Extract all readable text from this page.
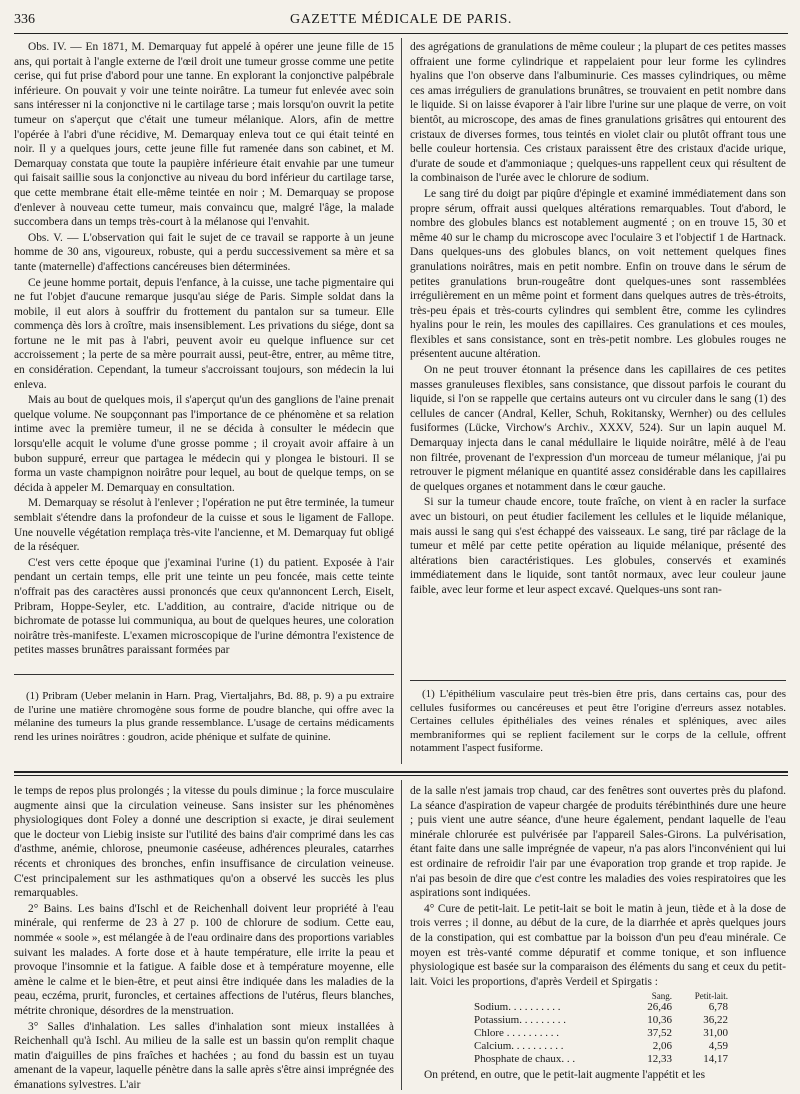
336	GAZETTE MÉDICALE DE PARIS.

Obs. IV. — En 1871, M. Demarquay fut appelé à opérer une jeune fille de 15 ans, qui portait à l'angle externe de l'œil droit une tumeur grosse comme une petite cerise, qui fut prise d'abord pour une tanne. En explorant la conjonctive palpébrale inférieure. On pouvait y voir une teinte noirâtre. La tumeur fut enlevée avec soin sans intéresser ni la conjonctive ni le cartilage tarse ; mais lorsqu'on ouvrit la petite tumeur on s'aperçut que c'était une tumeur mélanique. Alors, afin de mettre l'opérée à l'abri d'une récidive, M. Demarquay enleva tout ce qui était teinté en noir. Il y a quelques jours, cette jeune fille fut ramenée dans son cabinet, et M. Demarquay constata que toute la paupière inférieure était envahie par une tumeur qui faisait saillie sous la conjonctive au niveau du bord inférieur du cartilage tarse, que cette membrane était elle-même teintée en noir ; M. Demarquay se propose d'enlever à nouveau cette tumeur, mais convaincu que, malgré l'âge, la malade succombera dans un temps très-court à la mélanose qui l'envahit.

Obs. V. — L'observation qui fait le sujet de ce travail se rapporte à un jeune homme de 30 ans, vigoureux, robuste, qui a perdu successivement sa mère et sa tante (maternelle) d'affections cancéreuses bien déterminées.

Ce jeune homme portait, depuis l'enfance, à la cuisse, une tache pigmentaire qui ne fut l'objet d'aucune remarque jusqu'au siége de Paris. Simple soldat dans la mobile, il eut alors à souffrir du frottement du pantalon sur sa tumeur. Elle commença dès lors à croître, mais insensiblement. Les privations du siége, dont sa fortune ne le mit pas à l'abri, peuvent avoir eu quelque influence sur cet accroissement ; la perte de sa mère pourrait aussi, peut-être, entrer, au même titre, en considération. Cependant, la tumeur s'accroissant toujours, son médecin la lui enleva.

Mais au bout de quelques mois, il s'aperçut qu'un des ganglions de l'aine prenait quelque volume. Ne soupçonnant pas l'importance de ce phénomène et sa relation intime avec la première tumeur, il ne se décida à consulter le médecin que lorsqu'elle acquit le volume d'une grosse pomme ; il croyait avoir affaire à un bubon suppuré, erreur que partagea le médecin qui y plongea le bistouri. Il se forma un vaste champignon noirâtre pour lequel, au bout de quelque temps, on se décida à appeler M. Demarquay en consultation.

M. Demarquay se résolut à l'enlever ; l'opération ne put être terminée, la tumeur semblait s'étendre dans la profondeur de la cuisse et sous le ligament de Fallope. Une nouvelle végétation remplaça très-vite l'ancienne, et M. Demarquay fut obligé de la réséquer.

C'est vers cette époque que j'examinai l'urine (1) du patient. Exposée à l'air pendant un certain temps, elle prit une teinte un peu foncée, mais cette teinte n'offrait pas des caractères aussi prononcés que ceux qu'annoncent Lerch, Eiselt, Pribram, Hoppe-Seyler, etc. L'addition, au contraire, d'acide nitrique ou de bichromate de potasse lui communiqua, au bout de quelques heures, une coloration noirâtre très-manifeste. L'examen microscopique de l'urine démontra l'existence de petites masses brunâtres paraissant formées par

des agrégations de granulations de même couleur ; la plupart de ces petites masses offraient une forme cylindrique et rappelaient pour leur forme les cylindres hyalins que l'on observe dans l'albuminurie. Ces masses cylindriques, ou même ces amas irréguliers de granulations brunâtres, se trouvaient en petit nombre dans le liquide. Si on laisse évaporer à l'air libre l'urine sur une plaque de verre, on voit bientôt, au microscope, des amas de fines granulations grisâtres qui entourent des cristaux de diverses formes, tous teintés en violet clair ou plutôt offrant tous une belle couleur hortensia. Ces cristaux paraissent être des cristaux d'acide urique, d'urate de soude et d'ammoniaque ; quelques-uns rappellent ceux qui résultent de la combinaison de l'urée avec le chlorure de sodium.

Le sang tiré du doigt par piqûre d'épingle et examiné immédiatement dans son propre sérum, offrait aussi quelques altérations remarquables. Tout d'abord, le nombre des globules blancs est notablement augmenté ; on en trouve 15, 30 et même 40 sur le champ du microscope avec l'oculaire 3 et l'objectif 1 de Hartnack. Dans quelques-uns des globules blancs, on voit nettement quelques fines granulations noirâtres, mais en petit nombre. Enfin on trouve dans le sérum de petites granulations brun-rougeâtre dont quelques-unes sont rassemblées irrégulièrement en un même point et forment dans quelques autres de très-étroits, très-peu épais et très-courts cylindres qui semblent être, comme les cylindres hyalins pour le rein, les moules des capillaires. Ces granulations et ces moules, flexibles et sans consistance, sont en très-petit nombre. Les globules rouges ne présentent aucune altération.

On ne peut trouver étonnant la présence dans les capillaires de ces petites masses granuleuses flexibles, sans consistance, que dissout parfois le courant du liquide, si l'on se rappelle que certains auteurs ont vu circuler dans le sang (1) des cellules de cancer (Andral, Keller, Schuh, Rokitansky, Wernher) ou des cellules fusiformes (Lücke, Virchow's Archiv., XXXV, 524). Sur un lapin auquel M. Demarquay injecta dans le canal médullaire le liquide noirâtre, mêlé à de l'eau non filtrée, provenant de l'expression d'un morceau de tumeur mélanique, j'ai pu retrouver le pigment mélanique en quantité assez considérable dans les capillaires de quelques organes et notamment dans le cœur gauche.

Si sur la tumeur chaude encore, toute fraîche, on vient à en racler la surface avec un bistouri, on peut étudier facilement les cellules et le liquide mélanique, mais aussi le sang qui s'est échappé des vaisseaux. Le sang, tiré par râclage de la tumeur et mêlé par cette petite opération au liquide mélanique, présenté des altérations bien caractéristiques. Les globules, conservés et examinés immédiatement dans le liquide, sont tantôt normaux, avec leur couleur jaune faible, avec leur forme et leur aspect excavé. Quelques-uns sont ran-

(1) Pribram (Ueber melanin in Harn. Prag, Viertaljahrs, Bd. 88, p. 9) a pu extraire de l'urine une matière chromogène sous forme de poudre blanche, qui offre avec la mélanine des tumeurs la plus grande ressemblance. L'usage de certains médicaments rend les urines noirâtres : goudron, acide phénique et sulfate de quinine.

(1) L'épithélium vasculaire peut très-bien être pris, dans certains cas, pour des cellules fusiformes ou cancéreuses et peut être l'origine d'erreurs assez notables. Certaines cellules épithéliales des veines rénales et spléniques, avec ailes membraniformes qui se replient facilement sur le corps de la cellule, offrent notamment l'aspect fusiforme.

le temps de repos plus prolongés ; la vitesse du pouls diminue ; la force musculaire augmente ainsi que la circulation veineuse. Sans insister sur les phénomènes physiologiques dont Foley a donné une description si exacte, je dirai seulement que le docteur von Liebig insiste sur l'utilité des bains d'air comprimé dans les cas d'asthme, anémie, chlorose, pneumonie caséeuse, adhérences pleurales, catarrhes récents et chroniques des bronches, enfin insuffisance de circulation veineuse. C'est principalement sur les asthmatiques qu'on a observé les succès les plus remarquables.

2° Bains. Les bains d'Ischl et de Reichenhall doivent leur propriété à l'eau minérale, qui renferme de 23 à 27 p. 100 de chlorure de sodium. Cette eau, nommée « soole », est mélangée à de l'eau ordinaire dans des proportions variables suivant les malades. A forte dose et à haute température, elle irrite la peau et provoque l'insomnie et la fatigue. A faible dose et à température moyenne, elle amène le calme et le bien-être, et peut ainsi être indiquée dans les maladies de la peau, eczéma, prurit, furoncles, et certaines affections de l'utérus, fleurs blanches, métrite chronique, désordres de la menstruation.

3° Salles d'inhalation. Les salles d'inhalation sont mieux installées à Reichenhall qu'à Ischl. Au milieu de la salle est un bassin qu'on remplit chaque matin d'aiguilles de pins fraîches et hachées ; au fond du bassin est un tuyau amenant de la vapeur, laquelle pénètre dans la salle après s'être ainsi imprégnée des émanations sylvestres. L'air

de la salle n'est jamais trop chaud, car des fenêtres sont ouvertes près du plafond. La séance d'aspiration de vapeur chargée de produits térébinthinés dure une heure ; puis vient une autre séance, d'une heure également, pendant laquelle de l'eau minérale chlorurée est pulvérisée par l'appareil Sales-Girons. La pulvérisation, étant faite dans une salle imprégnée de vapeur, n'a pas alors l'inconvénient qui lui est ordinaire de refroidir l'air par une évaporation trop grande et trop rapide. Je n'ai pas besoin de dire que c'est contre les maladies des voies respiratoires que les aspirations sont indiquées.

4° Cure de petit-lait. Le petit-lait se boit le matin à jeun, tiède et à la dose de trois verres ; il donne, au début de la cure, de la diarrhée et après quelques jours de la constipation, qui est combattue par la boisson d'un peu d'eau minérale. Ce moyen est très-vanté comme dépuratif et comme tonique, et son influence physiologique est basée sur la comparaison des éléments du sang et ceux du petit-lait. Voici les proportions, d'après Verdeil et Spirgatis :

	Sang.	Petit-lait.
Sodium. . . . . . . . . .	26,46	6,78
Potassium. . . . . . . . .	10,36	36,22
Chlore . . . . . . . . . .	37,52	31,00
Calcium. . . . . . . . . .	2,06	4,59
Phosphate de chaux. . .	12,33	14,17

On prétend, en outre, que le petit-lait augmente l'appétit et les
